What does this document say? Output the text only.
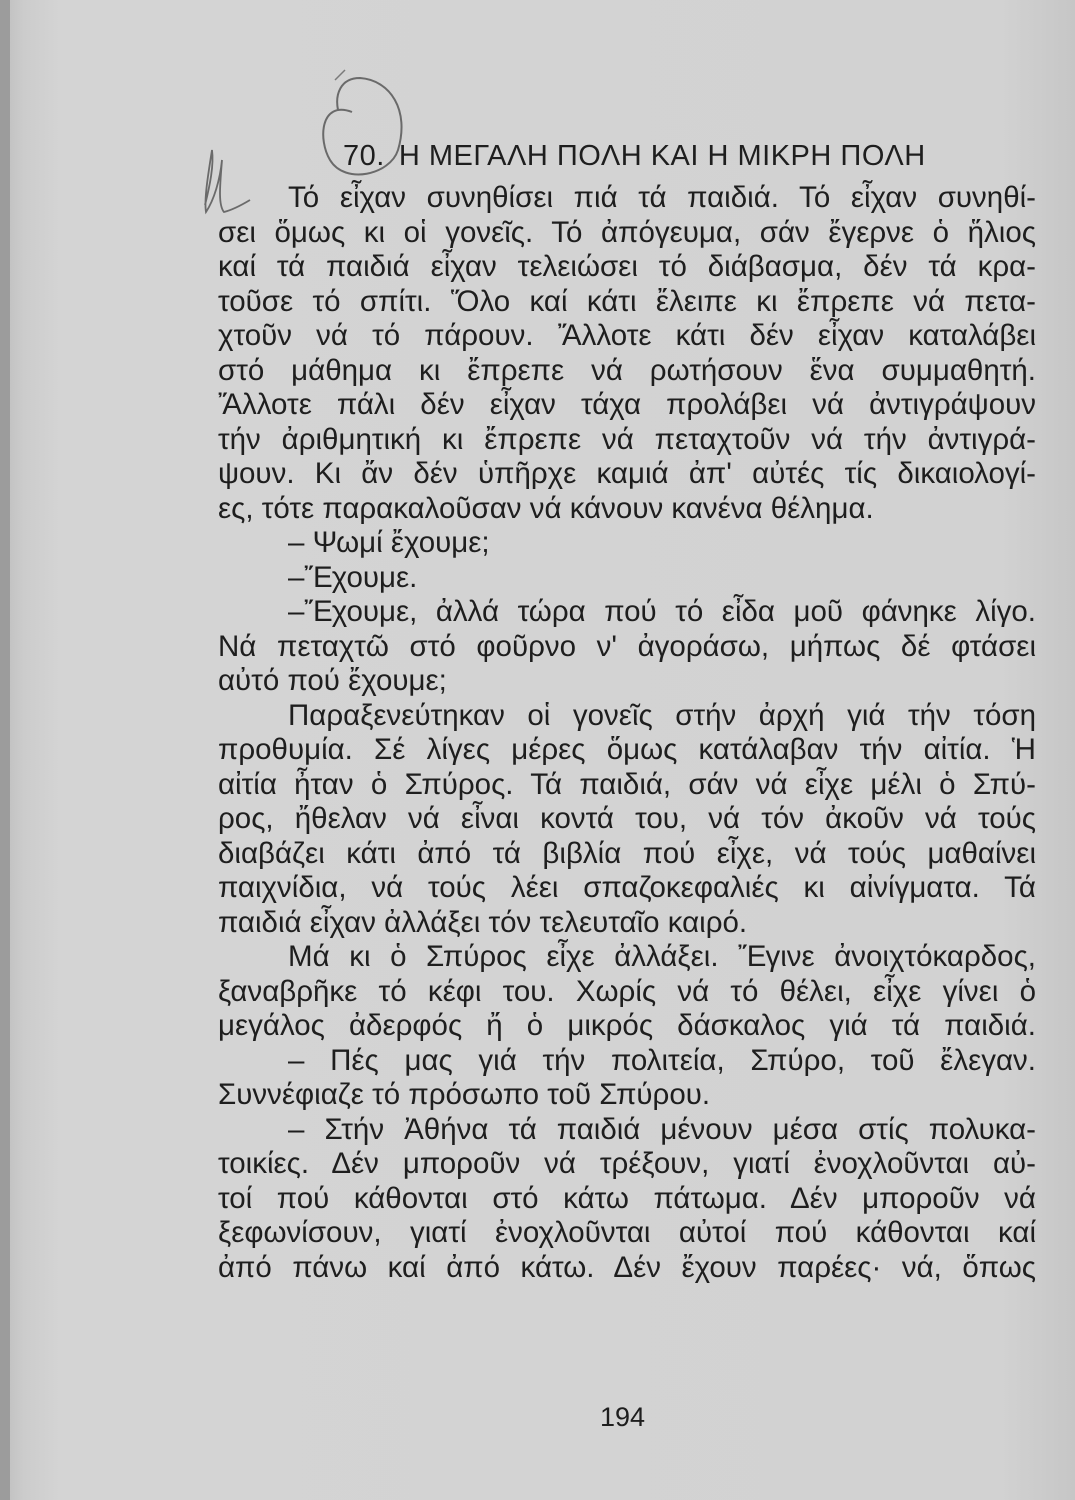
70. Η ΜΕΓΑΛΗ ΠΟΛΗ ΚΑΙ Η ΜΙΚΡΗ ΠΟΛΗ
Τό εἶχαν συνηθίσει πιά τά παιδιά. Τό εἶχαν συνηθί-
σει ὅμως κι οἱ γονεῖς. Τό ἀπόγευμα, σάν ἔγερνε ὁ ἥλιος
καί τά παιδιά εἶχαν τελειώσει τό διάβασμα, δέν τά κρα-
τοῦσε τό σπίτι. Ὅλο καί κάτι ἔλειπε κι ἔπρεπε νά πετα-
χτοῦν νά τό πάρουν. Ἄλλοτε κάτι δέν εἶχαν καταλάβει
στό μάθημα κι ἔπρεπε νά ρωτήσουν ἕνα συμμαθητή.
Ἄλλοτε πάλι δέν εἶχαν τάχα προλάβει νά ἀντιγράψουν
τήν ἀριθμητική κι ἔπρεπε νά πεταχτοῦν νά τήν ἀντιγρά-
ψουν. Κι ἄν δέν ὑπῆρχε καμιά ἀπ' αὐτές τίς δικαιολογί-
ες, τότε παρακαλοῦσαν νά κάνουν κανένα θέλημα.
– Ψωμί ἔχουμε;
–Ἔχουμε.
–Ἔχουμε, ἀλλά τώρα πού τό εἶδα μοῦ φάνηκε λίγο.
Νά πεταχτῶ στό φοῦρνο ν' ἀγοράσω, μήπως δέ φτάσει
αὐτό πού ἔχουμε;
Παραξενεύτηκαν οἱ γονεῖς στήν ἀρχή γιά τήν τόση
προθυμία. Σέ λίγες μέρες ὅμως κατάλαβαν τήν αἰτία. Ἡ
αἰτία ἦταν ὁ Σπύρος. Τά παιδιά, σάν νά εἶχε μέλι ὁ Σπύ-
ρος, ἤθελαν νά εἶναι κοντά του, νά τόν ἀκοῦν νά τούς
διαβάζει κάτι ἀπό τά βιβλία πού εἶχε, νά τούς μαθαίνει
παιχνίδια, νά τούς λέει σπαζοκεφαλιές κι αἰνίγματα. Τά
παιδιά εἶχαν ἀλλάξει τόν τελευταῖο καιρό.
Μά κι ὁ Σπύρος εἶχε ἀλλάξει. Ἔγινε ἀνοιχτόκαρδος,
ξαναβρῆκε τό κέφι του. Χωρίς νά τό θέλει, εἶχε γίνει ὁ
μεγάλος ἀδερφός ἤ ὁ μικρός δάσκαλος γιά τά παιδιά.
– Πές μας γιά τήν πολιτεία, Σπύρο, τοῦ ἔλεγαν.
Συννέφιαζε τό πρόσωπο τοῦ Σπύρου.
– Στήν Ἀθήνα τά παιδιά μένουν μέσα στίς πολυκα-
τοικίες. Δέν μποροῦν νά τρέξουν, γιατί ἐνοχλοῦνται αὐ-
τοί πού κάθονται στό κάτω πάτωμα. Δέν μποροῦν νά
ξεφωνίσουν, γιατί ἐνοχλοῦνται αὐτοί πού κάθονται καί
ἀπό πάνω καί ἀπό κάτω. Δέν ἔχουν παρέες· νά, ὅπως
194
